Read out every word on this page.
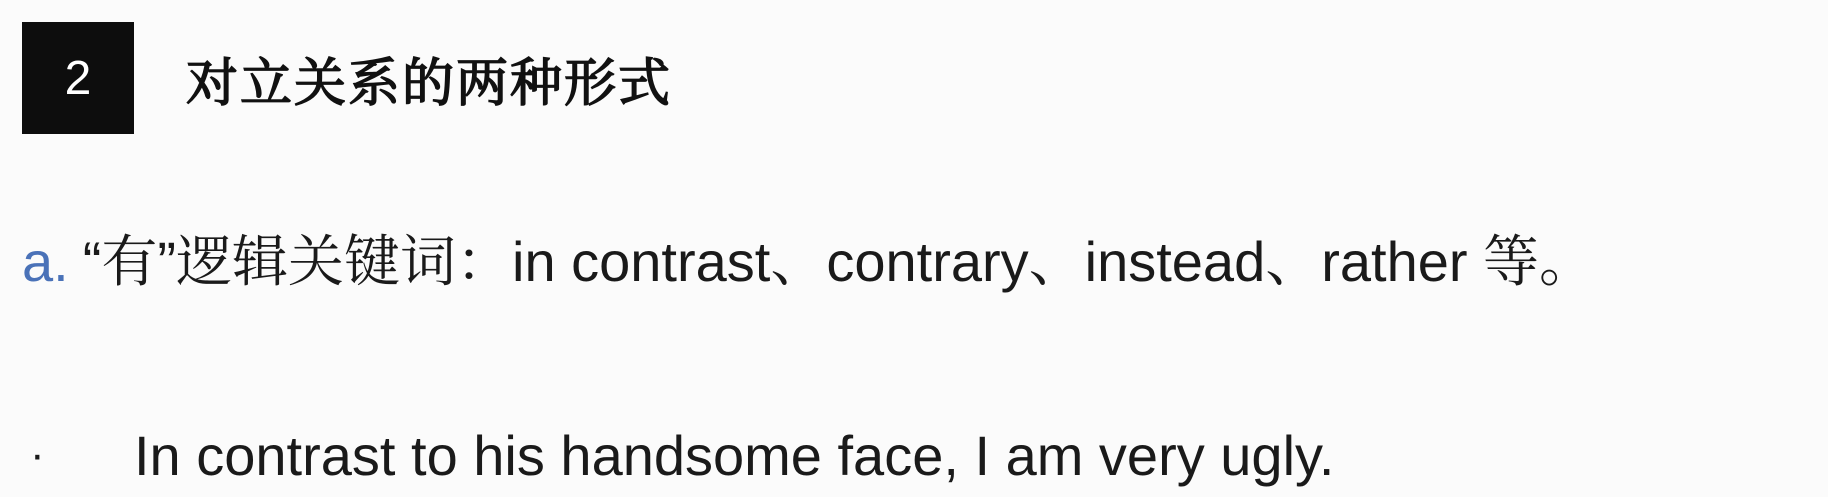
2	对立关系的两种形式
a. “有”逻辑关键词：in contrast、contrary、instead、rather 等。
· In contrast to his handsome face, I am very ugly.
